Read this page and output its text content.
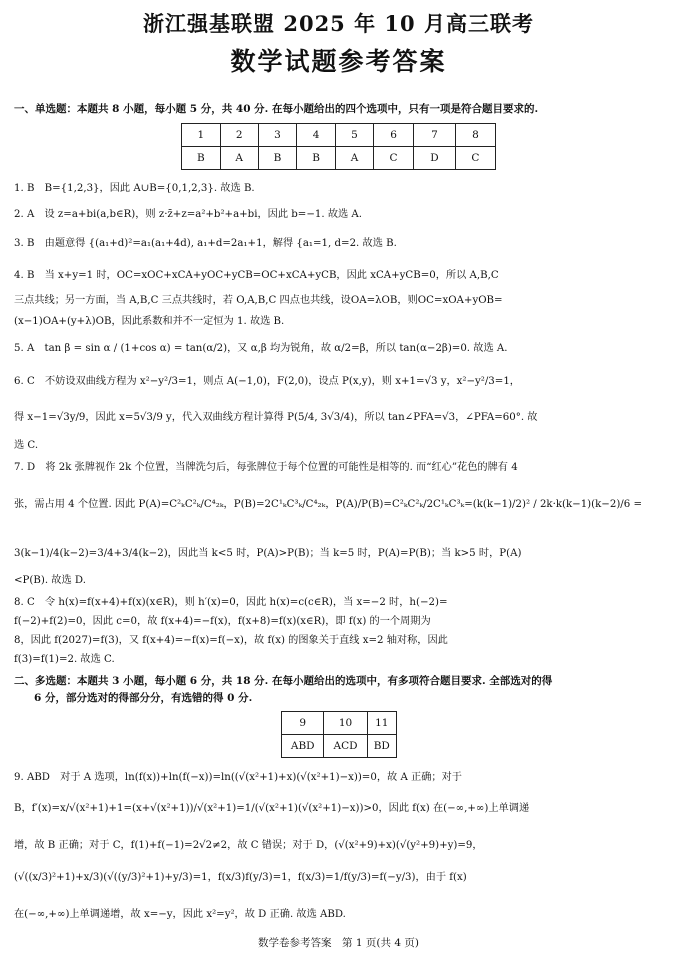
浙江强基联盟 2025 年 10 月高三联考
数学试题参考答案
一、单选题：本题共 8 小题，每小题 5 分，共 40 分. 在每小题给出的四个选项中，只有一项是符合题目要求的.
1	2	3	4	5	6	7	8
B	A	B	B	A	C	D	C
1. B　B={1,2,3}，因此 A∪B={0,1,2,3}. 故选 B.
2. A　设 z=a+bi(a,b∈R)，则 z·z̄+z=a²+b²+a+bi，因此 b=−1. 故选 A.
3. B　由题意得 {(a₁+d)²=a₁(a₁+4d), a₁+d=2a₁+1，解得 {a₁=1, d=2. 故选 B.
4. B　当 x+y=1 时，OC=xOC+xCA+yOC+yCB=OC+xCA+yCB，因此 xCA+yCB=0，所以 A,B,C
三点共线；另一方面，当 A,B,C 三点共线时，若 O,A,B,C 四点也共线，设OA=λOB，则OC=xOA+yOB=
(x−1)OA+(y+λ)OB，因此系数和并不一定恒为 1. 故选 B.
5. A　tan β = sin α / (1+cos α) = tan(α/2)，又 α,β 均为锐角，故 α/2=β，所以 tan(α−2β)=0. 故选 A.
6. C　不妨设双曲线方程为 x²−y²/3=1，则点 A(−1,0)，F(2,0)，设点 P(x,y)，则 x+1=√3 y，x²−y²/3=1，
得 x−1=√3y/9，因此 x=5√3/9 y，代入双曲线方程计算得 P(5/4, 3√3/4)，所以 tan∠PFA=√3，∠PFA=60°. 故
选 C.
7. D　将 2k 张牌视作 2k 个位置，当牌洗匀后，每张牌位于每个位置的可能性是相等的. 而“红心”花色的牌有 4
张，需占用 4 个位置. 因此 P(A)=C²ₖC²ₖ/C⁴₂ₖ，P(B)=2C¹ₖC³ₖ/C⁴₂ₖ，P(A)/P(B)=C²ₖC²ₖ/2C¹ₖC³ₖ=(k(k−1)/2)² / 2k·k(k−1)(k−2)/6 =
3(k−1)/4(k−2)=3/4+3/4(k−2)，因此当 k<5 时，P(A)>P(B)；当 k=5 时，P(A)=P(B)；当 k>5 时，P(A)
<P(B). 故选 D.
8. C　令 h(x)=f(x+4)+f(x)(x∈R)，则 h′(x)=0，因此 h(x)=c(c∈R)，当 x=−2 时，h(−2)=
f(−2)+f(2)=0，因此 c=0，故 f(x+4)=−f(x)，f(x+8)=f(x)(x∈R)，即 f(x) 的一个周期为
8，因此 f(2027)=f(3)，又 f(x+4)=−f(x)=f(−x)，故 f(x) 的图象关于直线 x=2 轴对称，因此
f(3)=f(1)=2. 故选 C.
二、多选题：本题共 3 小题，每小题 6 分，共 18 分. 在每小题给出的选项中，有多项符合题目要求. 全部选对的得
6 分，部分选对的得部分分，有选错的得 0 分.
9	10	11
ABD	ACD	BD
9. ABD　对于 A 选项，ln(f(x))+ln(f(−x))=ln((√(x²+1)+x)(√(x²+1)−x))=0，故 A 正确；对于
B，f′(x)=x/√(x²+1)+1=(x+√(x²+1))/√(x²+1)=1/(√(x²+1)(√(x²+1)−x))>0，因此 f(x) 在(−∞,+∞)上单调递
增，故 B 正确；对于 C，f(1)+f(−1)=2√2≠2，故 C 错误；对于 D，(√(x²+9)+x)(√(y²+9)+y)=9，
(√((x/3)²+1)+x/3)(√((y/3)²+1)+y/3)=1，f(x/3)f(y/3)=1，f(x/3)=1/f(y/3)=f(−y/3)，由于 f(x)
在(−∞,+∞)上单调递增，故 x=−y，因此 x²=y²，故 D 正确. 故选 ABD.
数学卷参考答案　第 1 页(共 4 页)
